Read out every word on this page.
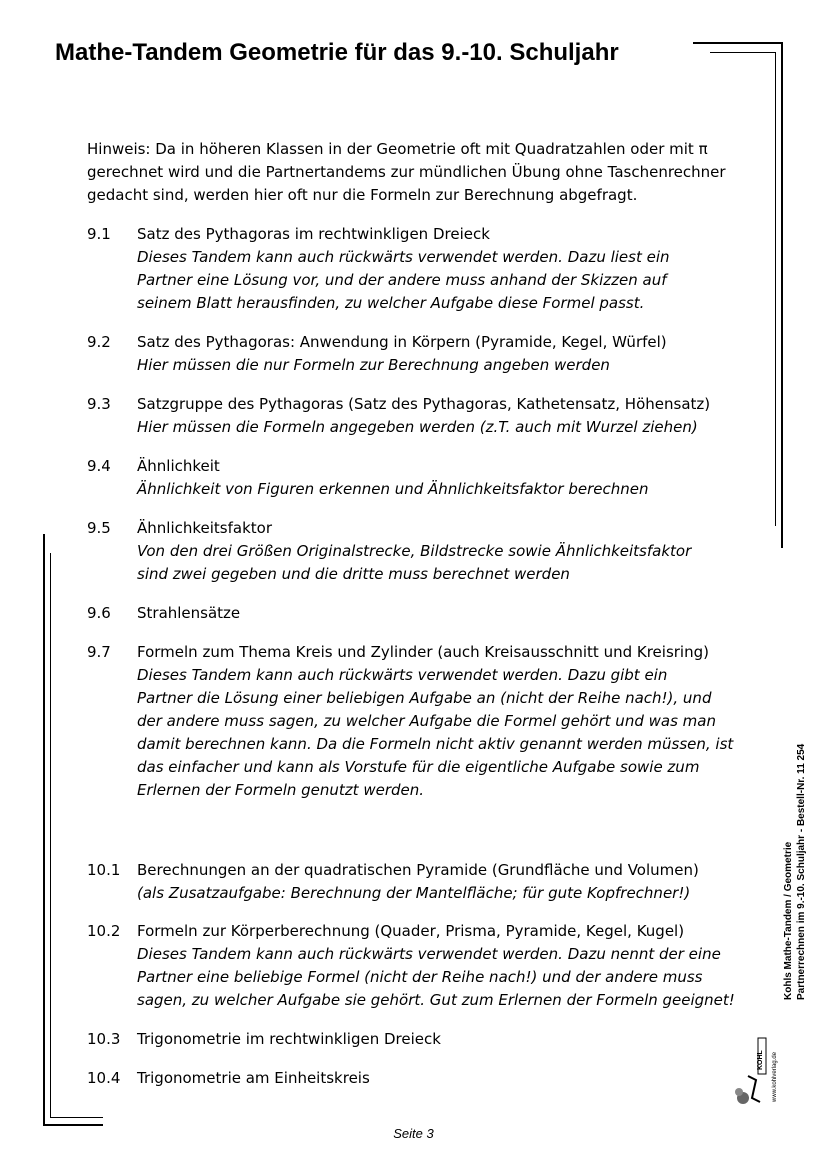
Mathe-Tandem Geometrie für das 9.-10. Schuljahr

Hinweis: Da in höheren Klassen in der Geometrie oft mit Quadratzahlen oder mit π gerechnet wird und die Partnertandems zur mündlichen Übung ohne Taschenrechner gedacht sind, werden hier oft nur die Formeln zur Berechnung abgefragt.

9.1 Satz des Pythagoras im rechtwinkligen Dreieck
Dieses Tandem kann auch rückwärts verwendet werden. Dazu liest ein
Partner eine Lösung vor, und der andere muss anhand der Skizzen auf
seinem Blatt herausfinden, zu welcher Aufgabe diese Formel passt.
9.2 Satz des Pythagoras: Anwendung in Körpern (Pyramide, Kegel, Würfel)
Hier müssen die nur Formeln zur Berechnung angeben werden
9.3 Satzgruppe des Pythagoras (Satz des Pythagoras, Kathetensatz, Höhensatz)
Hier müssen die Formeln angegeben werden (z.T. auch mit Wurzel ziehen)
9.4 Ähnlichkeit
Ähnlichkeit von Figuren erkennen und Ähnlichkeitsfaktor berechnen
9.5 Ähnlichkeitsfaktor
Von den drei Größen Originalstrecke, Bildstrecke sowie Ähnlichkeitsfaktor
sind zwei gegeben und die dritte muss berechnet werden
9.6 Strahlensätze
9.7 Formeln zum Thema Kreis und Zylinder (auch Kreisausschnitt und Kreisring)
Dieses Tandem kann auch rückwärts verwendet werden. Dazu gibt ein
Partner die Lösung einer beliebigen Aufgabe an (nicht der Reihe nach!), und
der andere muss sagen, zu welcher Aufgabe die Formel gehört und was man
damit berechnen kann. Da die Formeln nicht aktiv genannt werden müssen, ist
das einfacher und kann als Vorstufe für die eigentliche Aufgabe sowie zum
Erlernen der Formeln genutzt werden.
10.1 Berechnungen an der quadratischen Pyramide (Grundfläche und Volumen)
(als Zusatzaufgabe: Berechnung der Mantelfläche; für gute Kopfrechner!)
10.2 Formeln zur Körperberechnung (Quader, Prisma, Pyramide, Kegel, Kugel)
Dieses Tandem kann auch rückwärts verwendet werden. Dazu nennt der eine
Partner eine beliebige Formel (nicht der Reihe nach!) und der andere muss
sagen, zu welcher Aufgabe sie gehört. Gut zum Erlernen der Formeln geeignet!
10.3 Trigonometrie im rechtwinkligen Dreieck
10.4 Trigonometrie am Einheitskreis
Kohls Mathe-Tandem / Geometrie Partnerrechnen im 9.-10. Schuljahr - Bestell-Nr. 11 254
KOHL www.kohlverlag.de
Seite 3
